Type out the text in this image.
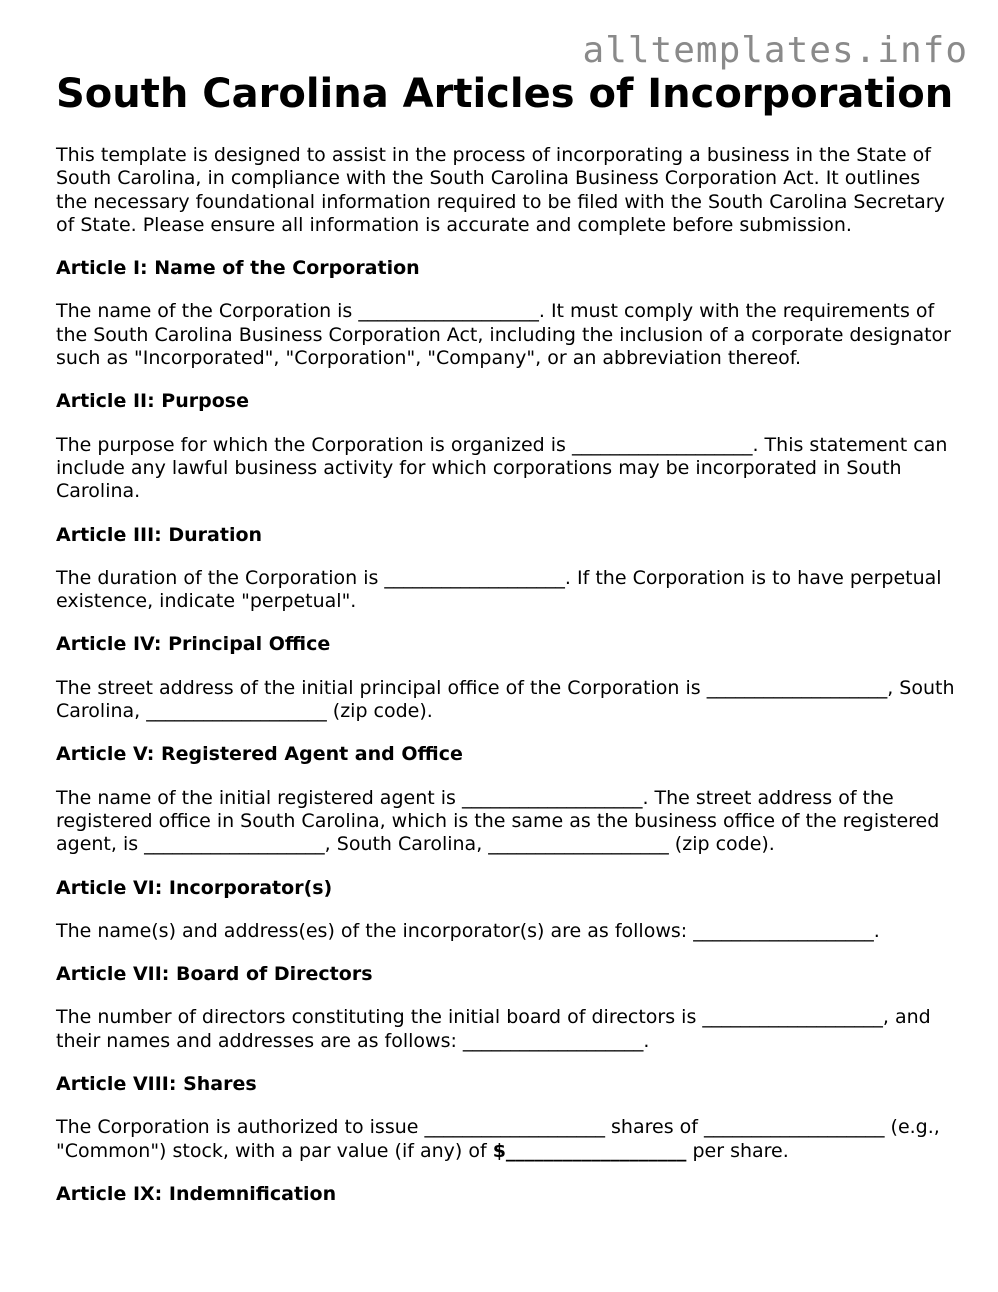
alltemplates.info
South Carolina Articles of Incorporation

This template is designed to assist in the process of incorporating a business in the State of South Carolina, in compliance with the South Carolina Business Corporation Act. It outlines the necessary foundational information required to be filed with the South Carolina Secretary of State. Please ensure all information is accurate and complete before submission.

Article I: Name of the Corporation

The name of the Corporation is ___________________. It must comply with the requirements of the South Carolina Business Corporation Act, including the inclusion of a corporate designator such as "Incorporated", "Corporation", "Company", or an abbreviation thereof.

Article II: Purpose

The purpose for which the Corporation is organized is ___________________. This statement can include any lawful business activity for which corporations may be incorporated in South Carolina.

Article III: Duration

The duration of the Corporation is ___________________. If the Corporation is to have perpetual existence, indicate "perpetual".

Article IV: Principal Office

The street address of the initial principal office of the Corporation is ___________________, South Carolina, ___________________ (zip code).

Article V: Registered Agent and Office

The name of the initial registered agent is ___________________. The street address of the registered office in South Carolina, which is the same as the business office of the registered agent, is ___________________, South Carolina, ___________________ (zip code).

Article VI: Incorporator(s)

The name(s) and address(es) of the incorporator(s) are as follows: ___________________.

Article VII: Board of Directors

The number of directors constituting the initial board of directors is ___________________, and their names and addresses are as follows: ___________________.

Article VIII: Shares

The Corporation is authorized to issue ___________________ shares of ___________________ (e.g., "Common") stock, with a par value (if any) of $___________________ per share.

Article IX: Indemnification
